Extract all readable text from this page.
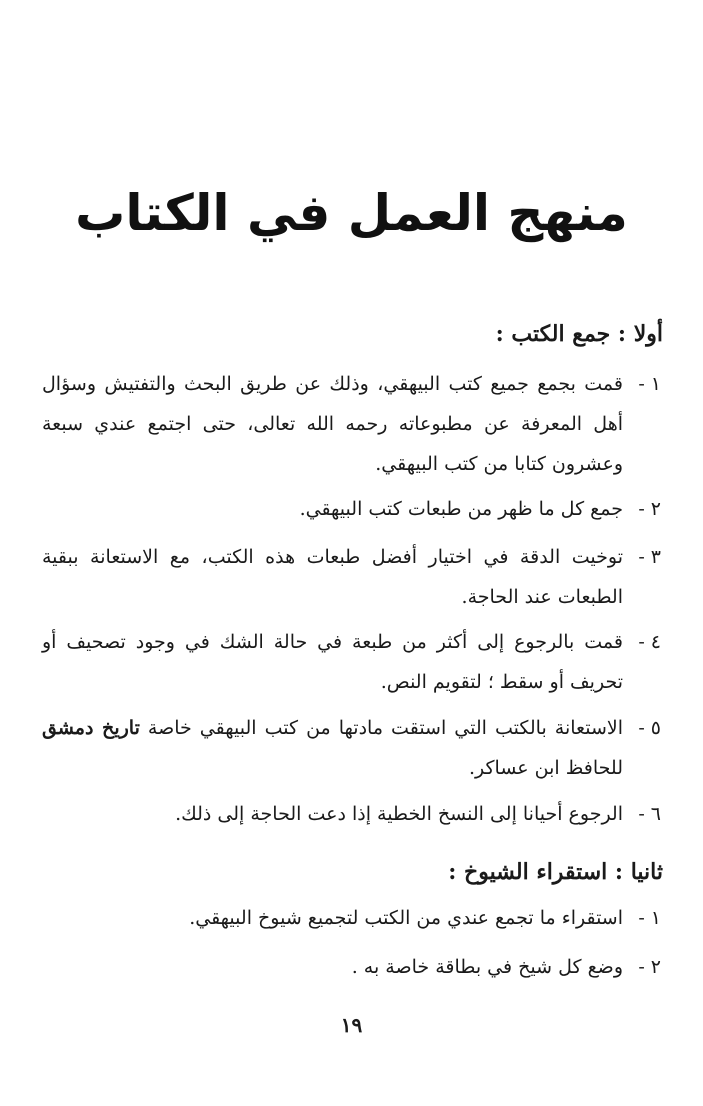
منهج العمل في الكتاب
أولا : جمع الكتب :
١ -
قمت بجمع جميع كتب البيهقي، وذلك عن طريق البحث والتفتيش وسؤال أهل المعرفة عن مطبوعاته رحمه الله تعالى، حتى اجتمع عندي سبعة وعشرون كتابا من كتب البيهقي.
٢ -
جمع كل ما ظهر من طبعات كتب البيهقي.
٣ -
توخيت الدقة في اختيار أفضل طبعات هذه الكتب، مع الاستعانة ببقية الطبعات عند الحاجة.
٤ -
قمت بالرجوع إلى أكثر من طبعة في حالة الشك في وجود تصحيف أو تحريف أو سقط ؛ لتقويم النص.
٥ -
الاستعانة بالكتب التي استقت مادتها من كتب البيهقي خاصة تاريخ دمشق للحافظ ابن عساكر.
٦ -
الرجوع أحيانا إلى النسخ الخطية إذا دعت الحاجة إلى ذلك.
ثانيا : استقراء الشيوخ :
١ -
استقراء ما تجمع عندي من الكتب لتجميع شيوخ البيهقي.
٢ -
وضع كل شيخ في بطاقة خاصة به .
١٩
